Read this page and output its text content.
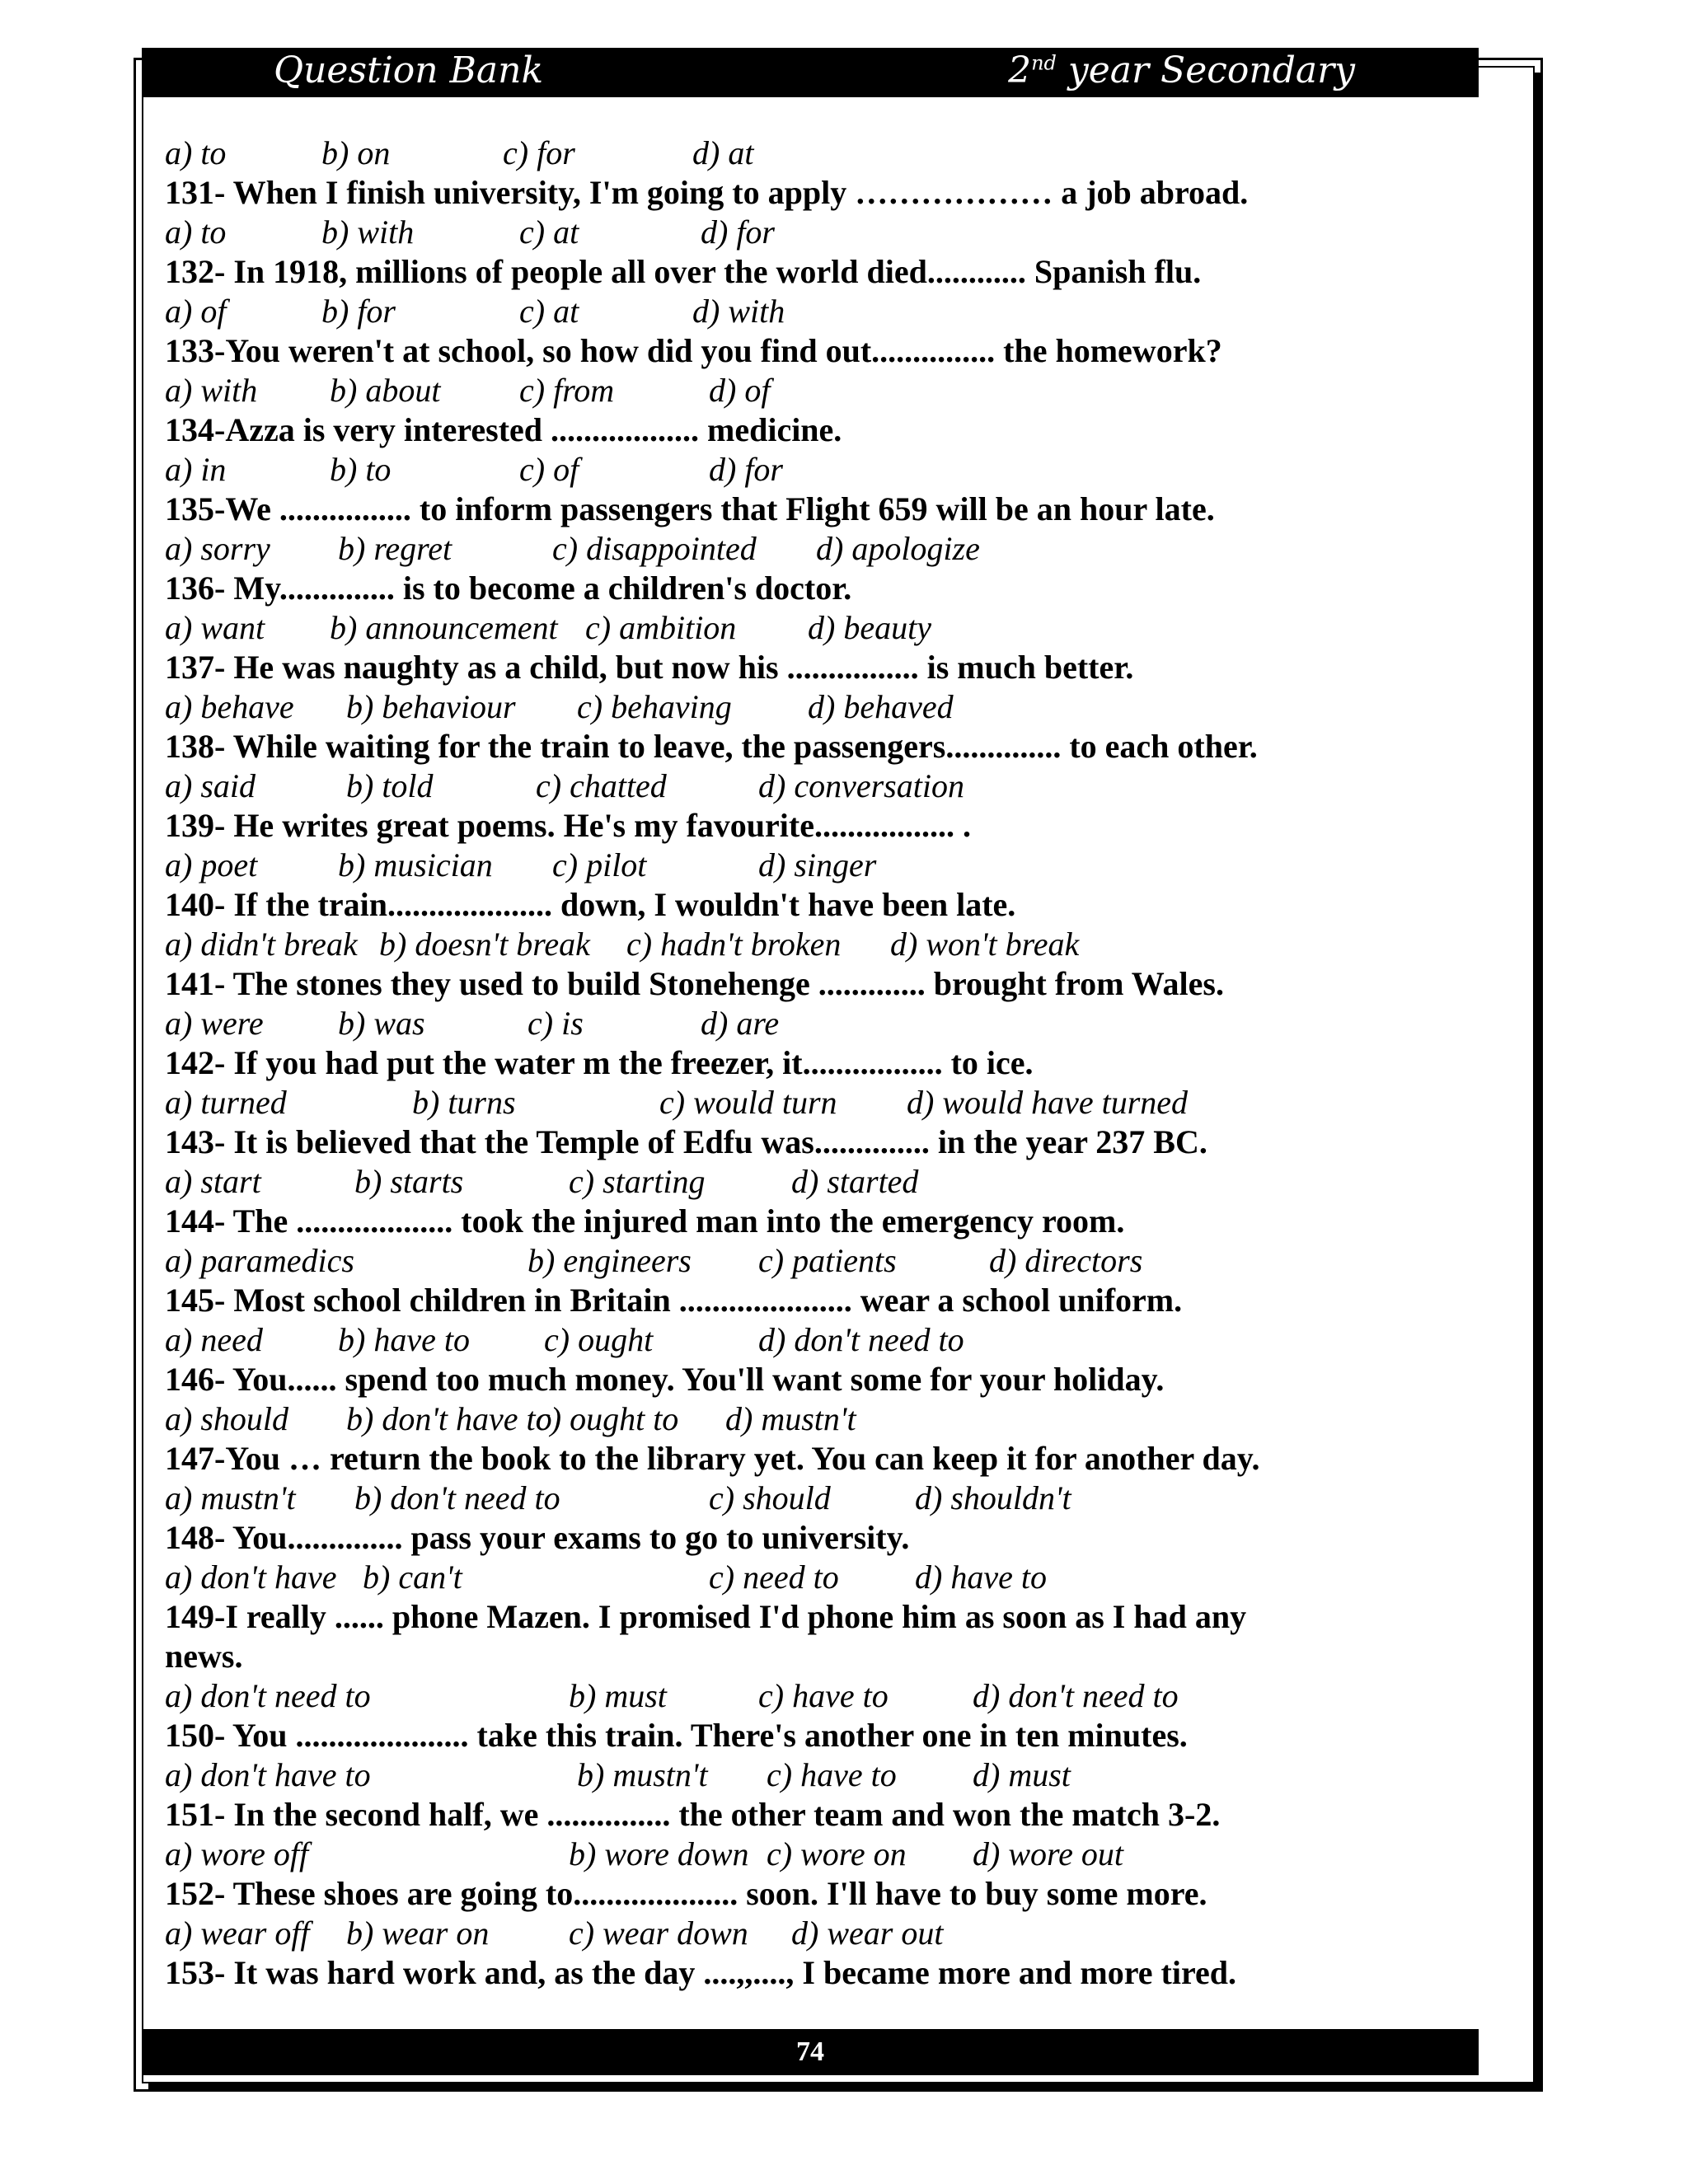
Question Bank	2nd year Secondary
a) to	b) on	c) for	d) at
131- When I finish university, I'm going to apply ……………… a job abroad.
a) to	b) with	c) at	d) for
132- In 1918, millions of people all over the world died............ Spanish flu.
a) of	b) for	c) at	d) with
133-You weren't at school, so how did you find out............... the homework?
a) with b) about c) from	d) of
134-Azza is very interested .................. medicine.
a) in	b) to	c) of	d) for
135-We ................ to inform passengers that Flight 659 will be an hour late.
a) sorry b) regret	c) disappointed d) apologize
136- My.............. is to become a children's doctor.
a) want b) announcement c) ambition d) beauty
137- He was naughty as a child, but now his ................ is much better.
a) behave b) behaviour c) behaving d) behaved
138- While waiting for the train to leave, the passengers.............. to each other.
a) said	b) told	c) chatted	d) conversation
139- He writes great poems. He's my favourite................. .
a) poet b) musician c) pilot	d) singer
140- If the train.................... down, I wouldn't have been late.
a) didn't break b) doesn't break c) hadn't broken d) won't break
141- The stones they used to build Stonehenge ............. brought from Wales.
a) were b) was	c) is	d) are
142- If you had put the water m the freezer, it................. to ice.
a) turned	b) turns	c) would turn d) would have turned
143- It is believed that the Temple of Edfu was.............. in the year 237 BC.
a) start	b) starts	c) starting	d) started
144- The ................... took the injured man into the emergency room.
a) paramedics	b) engineers c) patients	d) directors
145- Most school children in Britain ..................... wear a school uniform.
a) need b) have to c) ought	d) don't need to
146- You...... spend too much money. You'll want some for your holiday.
a) should b) don't have to
c) ought to d) mustn't
147-You … return the book to the library yet. You can keep it for another day.
a) mustn't b) don't need to	c) should	d) shouldn't
148- You.............. pass your exams to go to university.
a) don't have b) can't	c) need to d) have to
149-I really ...... phone Mazen. I promised I'd phone him as soon as I had any
news.
a) don't need to	b) must	c) have to	d) don't need to
150- You ..................... take this train. There's another one in ten minutes.
a) don't have to	b) mustn't c) have to d) must
151- In the second half, we ............... the other team and won the match 3-2.
a) wore off	b) wore down c) wore on d) wore out
152- These shoes are going to.................... soon. I'll have to buy some more.
a) wear off b) wear on c) wear down d) wear out
153- It was hard work and, as the day ....,,...., I became more and more tired.
74
